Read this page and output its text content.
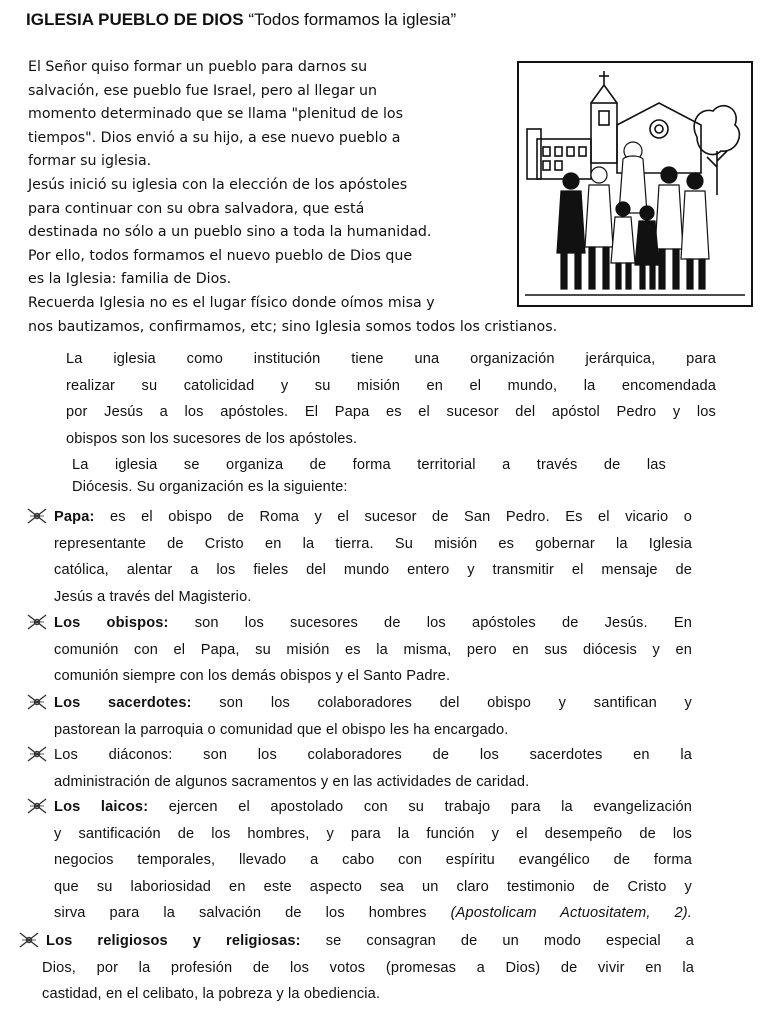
IGLESIA PUEBLO DE DIOS “Todos formamos la iglesia”
El Señor quiso formar un pueblo para darnos su
salvación, ese pueblo fue Israel, pero al llegar un
momento determinado que se llama "plenitud de los
tiempos". Dios envió a su hijo, a ese nuevo pueblo a
formar su iglesia.
Jesús inició su iglesia con la elección de los apóstoles
para continuar con su obra salvadora, que está
destinada no sólo a un pueblo sino a toda la humanidad.
Por ello, todos formamos el nuevo pueblo de Dios que
es la Iglesia: familia de Dios.
Recuerda Iglesia no es el lugar físico donde oímos misa y
nos bautizamos, confirmamos, etc; sino Iglesia somos todos los cristianos.
La iglesia como institución tiene una organización jerárquica, para
realizar su catolicidad y su misión en el mundo, la encomendada
por Jesús a los apóstoles. El Papa es el sucesor del apóstol Pedro y los

obispos son los sucesores de los apóstoles.
La iglesia se organiza de forma territorial a través de las
Diócesis. Su organización es la siguiente:
Papa: es el obispo de Roma y el sucesor de San Pedro. Es el vicario o
representante de Cristo en la tierra. Su misión es gobernar la Iglesia
católica, alentar a los fieles del mundo entero y transmitir el mensaje de
Jesús a través del Magisterio.
Los obispos: son los sucesores de los apóstoles de Jesús. En
comunión con el Papa, su misión es la misma, pero en sus diócesis y en
comunión siempre con los demás obispos y el Santo Padre.
Los sacerdotes: son los colaboradores del obispo y santifican y
pastorean la parroquia o comunidad que el obispo les ha encargado.
Los diáconos: son los colaboradores de los sacerdotes en la
administración de algunos sacramentos y en las actividades de caridad.
Los laicos: ejercen el apostolado con su trabajo para la evangelización
y santificación de los hombres, y para la función y el desempeño de los
negocios temporales, llevado a cabo con espíritu evangélico de forma
que su laboriosidad en este aspecto sea un claro testimonio de Cristo y
sirva para la salvación de los hombres (Apostolicam Actuositatem, 2).
Los religiosos y religiosas: se consagran de un modo especial a
Dios, por la profesión de los votos (promesas a Dios) de vivir en la
castidad, en el celibato, la pobreza y la obediencia.
